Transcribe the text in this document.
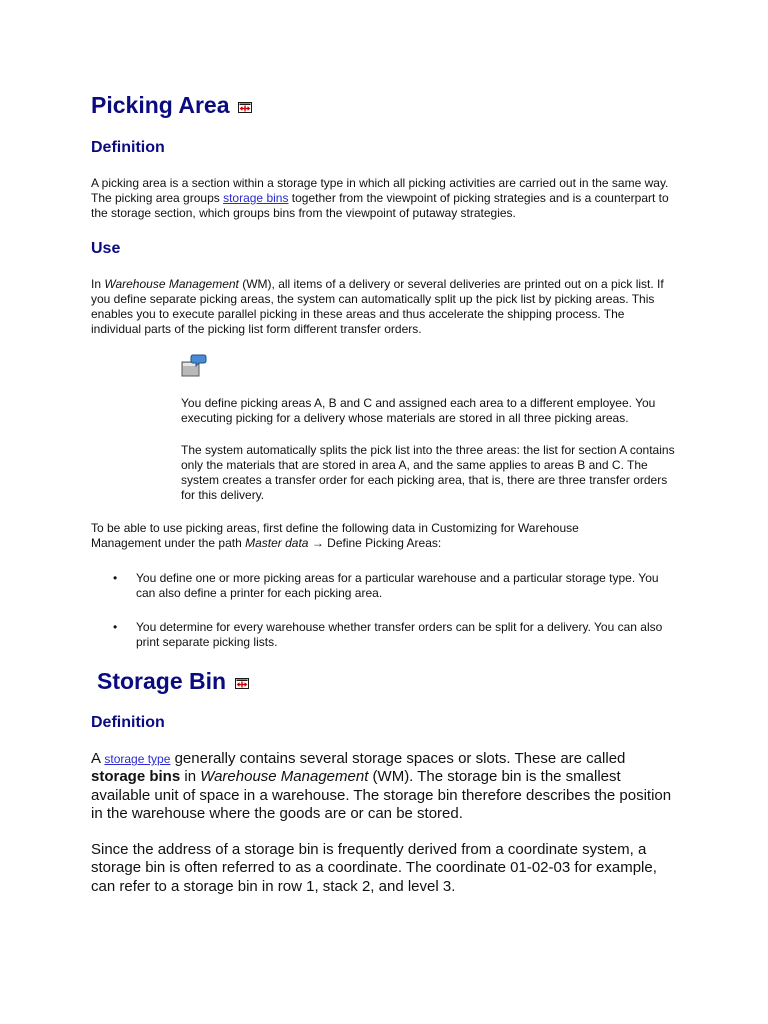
Picking Area
Definition

A picking area is a section within a storage type in which all picking activities are carried out in the same way. The picking area groups storage bins together from the viewpoint of picking strategies and is a counterpart to the storage section, which groups bins from the viewpoint of putaway strategies.

Use

In Warehouse Management (WM), all items of a delivery or several deliveries are printed out on a pick list. If you define separate picking areas, the system can automatically split up the pick list by picking areas. This enables you to execute parallel picking in these areas and thus accelerate the shipping process. The individual parts of the picking list form different transfer orders.

You define picking areas A, B and C and assigned each area to a different employee. You executing picking for a delivery whose materials are stored in all three picking areas.

The system automatically splits the pick list into the three areas: the list for section A contains only the materials that are stored in area A, and the same applies to areas B and C. The system creates a transfer order for each picking area, that is, there are three transfer orders for this delivery.

To be able to use picking areas, first define the following data in Customizing for Warehouse Management under the path Master data → Define Picking Areas:

• You define one or more picking areas for a particular warehouse and a particular storage type. You can also define a printer for each picking area.

• You determine for every warehouse whether transfer orders can be split for a delivery. You can also print separate picking lists.

Storage Bin
Definition

A storage type generally contains several storage spaces or slots. These are called storage bins in Warehouse Management (WM). The storage bin is the smallest available unit of space in a warehouse. The storage bin therefore describes the position in the warehouse where the goods are or can be stored.

Since the address of a storage bin is frequently derived from a coordinate system, a storage bin is often referred to as a coordinate. The coordinate 01-02-03 for example, can refer to a storage bin in row 1, stack 2, and level 3.
